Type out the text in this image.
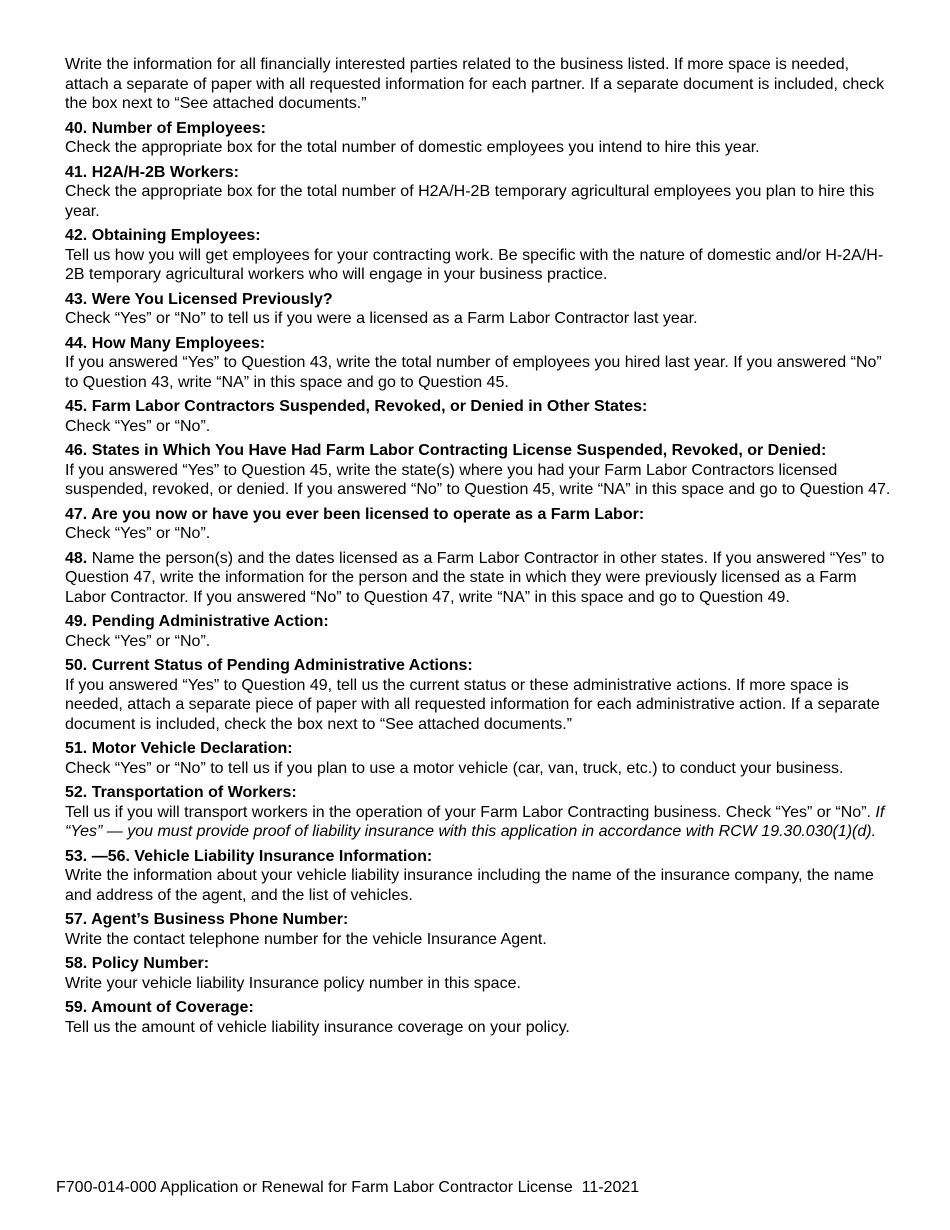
Write the information for all financially interested parties related to the business listed. If more space is needed, attach a separate of paper with all requested information for each partner. If a separate document is included, check the box next to “See attached documents.”

40. Number of Employees:
Check the appropriate box for the total number of domestic employees you intend to hire this year.
41. H2A/H-2B Workers:
Check the appropriate box for the total number of H2A/H-2B temporary agricultural employees you plan to hire this year.
42. Obtaining Employees:
Tell us how you will get employees for your contracting work. Be specific with the nature of domestic and/or H-2A/H-2B temporary agricultural workers who will engage in your business practice.
43. Were You Licensed Previously?
Check “Yes” or “No” to tell us if you were a licensed as a Farm Labor Contractor last year.
44. How Many Employees:
If you answered “Yes” to Question 43, write the total number of employees you hired last year. If you answered “No” to Question 43, write “NA” in this space and go to Question 45.
45. Farm Labor Contractors Suspended, Revoked, or Denied in Other States:
Check “Yes” or “No”.
46. States in Which You Have Had Farm Labor Contracting License Suspended, Revoked, or Denied:
If you answered “Yes” to Question 45, write the state(s) where you had your Farm Labor Contractors licensed suspended, revoked, or denied. If you answered “No” to Question 45, write “NA” in this space and go to Question 47.
47. Are you now or have you ever been licensed to operate as a Farm Labor:
Check “Yes” or “No”.
48. Name the person(s) and the dates licensed as a Farm Labor Contractor in other states. If you answered “Yes” to Question 47, write the information for the person and the state in which they were previously licensed as a Farm Labor Contractor. If you answered “No” to Question 47, write “NA” in this space and go to Question 49.
49. Pending Administrative Action:
Check “Yes” or “No”.
50. Current Status of Pending Administrative Actions:
If you answered “Yes” to Question 49, tell us the current status or these administrative actions. If more space is needed, attach a separate piece of paper with all requested information for each administrative action. If a separate document is included, check the box next to “See attached documents.”
51. Motor Vehicle Declaration:
Check “Yes” or “No” to tell us if you plan to use a motor vehicle (car, van, truck, etc.) to conduct your business.
52. Transportation of Workers:
Tell us if you will transport workers in the operation of your Farm Labor Contracting business. Check “Yes” or “No”. If “Yes” — you must provide proof of liability insurance with this application in accordance with RCW 19.30.030(1)(d).
53. —56. Vehicle Liability Insurance Information:
Write the information about your vehicle liability insurance including the name of the insurance company, the name and address of the agent, and the list of vehicles.
57. Agent’s Business Phone Number:
Write the contact telephone number for the vehicle Insurance Agent.
58. Policy Number:
Write your vehicle liability Insurance policy number in this space.
59. Amount of Coverage:
Tell us the amount of vehicle liability insurance coverage on your policy.
F700-014-000 Application or Renewal for Farm Labor Contractor License  11-2021
